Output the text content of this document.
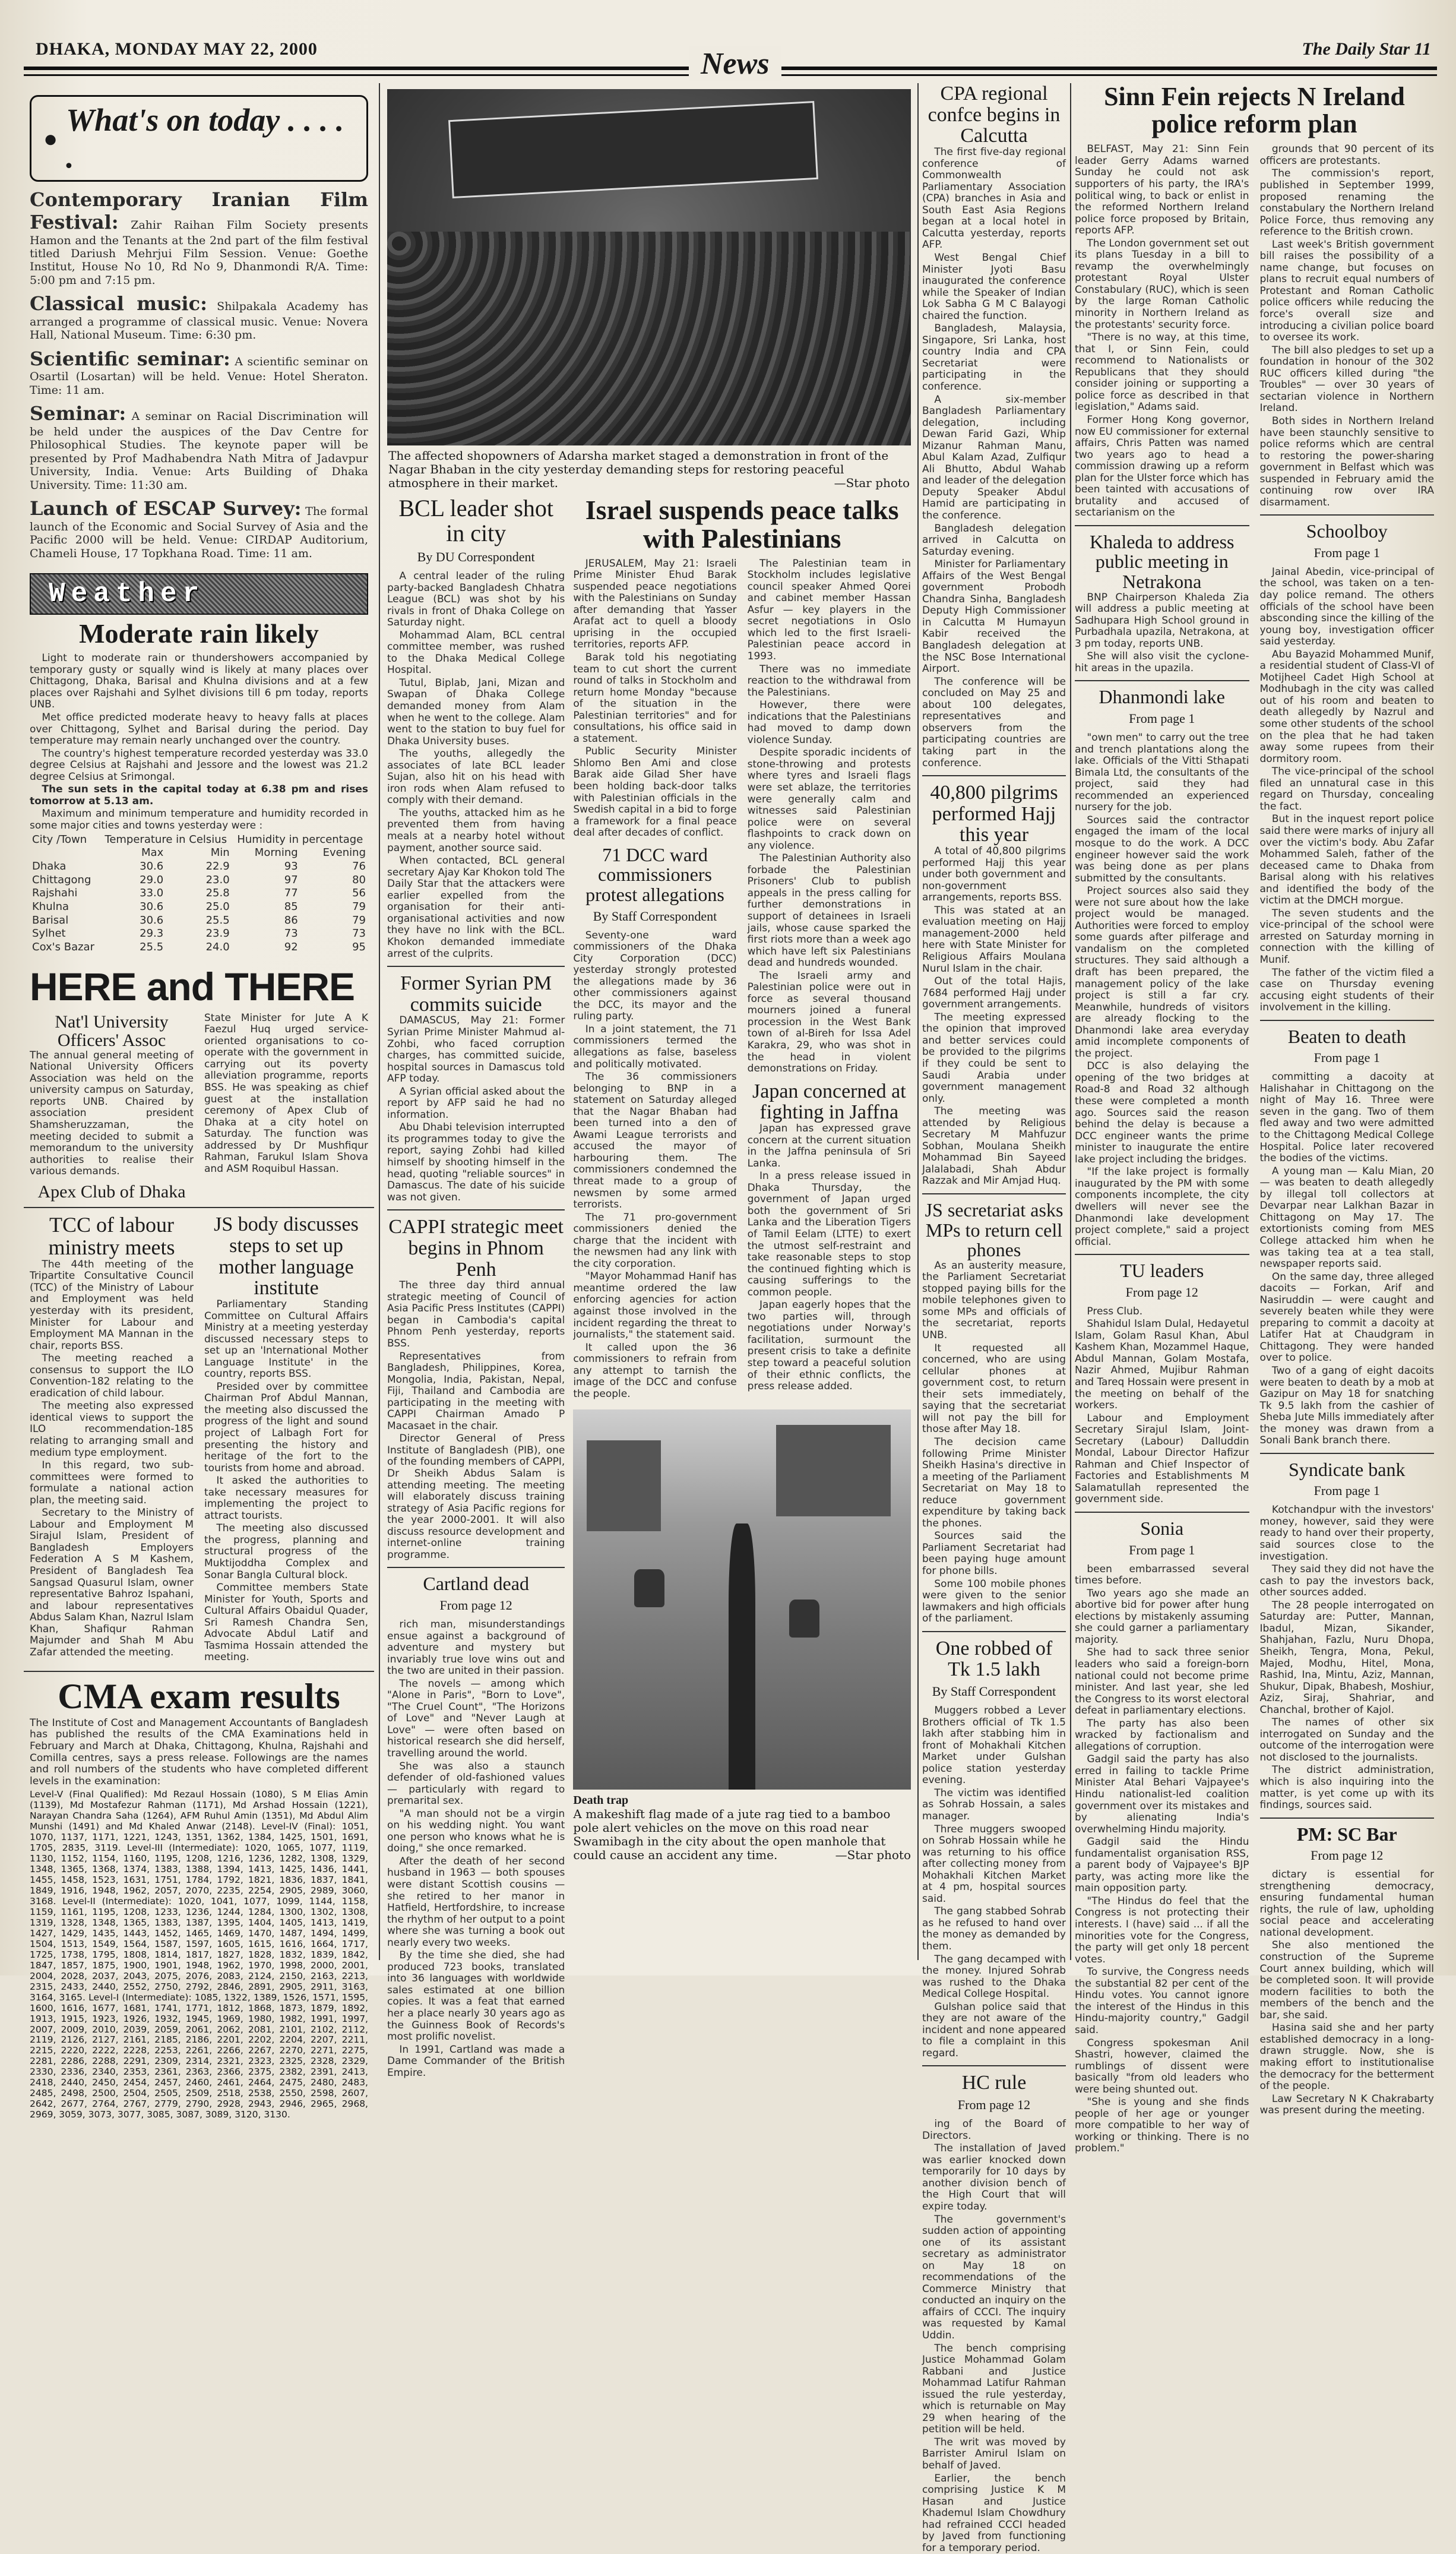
DHAKA, MONDAY MAY 22, 2000	News	The Daily Star 11
●
What's on today . . . . .
Contemporary Iranian Film Festival: Zahir Raihan Film Society presents Hamon and the Tenants at the 2nd part of the film festival titled Dariush Mehrjui Film Session. Venue: Goethe Institut, House No 10, Rd No 9, Dhanmondi R/A. Time: 5:00 pm and 7:15 pm.
Classical music: Shilpakala Academy has arranged a programme of classical music. Venue: Novera Hall, National Museum. Time: 6:30 pm.
Scientific seminar: A scientific seminar on Osartil (Losartan) will be held. Venue: Hotel Sheraton. Time: 11 am.
Seminar: A seminar on Racial Discrimination will be held under the auspices of the Dav Centre for Philosophical Studies. The keynote paper will be presented by Prof Madhabendra Nath Mitra of Jadavpur University, India. Venue: Arts Building of Dhaka University. Time: 11:30 am.
Launch of ESCAP Survey: The formal launch of the Economic and Social Survey of Asia and the Pacific 2000 will be held. Venue: CIRDAP Auditorium, Chameli House, 17 Topkhana Road. Time: 11 am.
Weather
Moderate rain likely

Light to moderate rain or thundershowers accompanied by temporary gusty or squally wind is likely at many places over Chittagong, Dhaka, Barisal and Khulna divisions and at a few places over Rajshahi and Sylhet divisions till 6 pm today, reports UNB.

Met office predicted moderate heavy to heavy falls at places over Chittagong, Sylhet and Barisal during the period. Day temperature may remain nearly unchanged over the country.

The country's highest temperature recorded yesterday was 33.0 degree Celsius at Rajshahi and Jessore and the lowest was 21.2 degree Celsius at Srimongal.

The sun sets in the capital today at 6.38 pm and rises tomorrow at 5.13 am.

Maximum and minimum temperature and humidity recorded in some major cities and towns yesterday were :

City /Town	Temperature in Celsius		Humidity in percentage	
	Max	Min	Morning	Evening
Dhaka	30.6	22.9	93	76
Chittagong	29.0	23.0	97	80
Rajshahi	33.0	25.8	77	56
Khulna	30.6	25.0	85	79
Barisal	30.6	25.5	86	79
Sylhet	29.3	23.9	73	73
Cox's Bazar	25.5	24.0	92	95
HERE and THERE
Nat'l University Officers' Assoc
The annual general meeting of National University Officers Association was held on the university campus on Saturday, reports UNB. Chaired by association president Shamsheruzzaman, the meeting decided to submit a memorandum to the university authorities to realise their various demands.
Apex Club of Dhaka
State Minister for Jute A K Faezul Huq urged service-oriented organisations to co-operate with the government in carrying out its poverty alleviation programme, reports BSS. He was speaking as chief guest at the installation ceremony of Apex Club of Dhaka at a city hotel on Saturday. The function was addressed by Dr Mushfiqur Rahman, Farukul Islam Shova and ASM Roquibul Hassan.
TCC of labour ministry meets

The 44th meeting of the Tripartite Consultative Council (TCC) of the Ministry of Labour and Employment was held yesterday with its president, Minister for Labour and Employment MA Mannan in the chair, reports BSS.

The meeting reached a consensus to support the ILO Convention-182 relating to the eradication of child labour.

The meeting also expressed identical views to support the ILO recommendation-185 relating to arranging small and medium type employment.

In this regard, two sub-committees were formed to formulate a national action plan, the meeting said.

Secretary to the Ministry of Labour and Employment M Sirajul Islam, President of Bangladesh Employers Federation A S M Kashem, President of Bangladesh Tea Sangsad Quasurul Islam, owner representative Bahroz Ispahani, and labour representatives Abdus Salam Khan, Nazrul Islam Khan, Shafiqur Rahman Majumder and Shah M Abu Zafar attended the meeting.

JS body discusses steps to set up mother language institute

Parliamentary Standing Committee on Cultural Affairs Ministry at a meeting yesterday discussed necessary steps to set up an 'International Mother Language Institute' in the country, reports BSS.

Presided over by committee Chairman Prof Abdul Mannan, the meeting also discussed the progress of the light and sound project of Lalbagh Fort for presenting the history and heritage of the fort to the tourists from home and abroad.

It asked the authorities to take necessary measures for implementing the project to attract tourists.

The meeting also discussed the progress, planning and structural progress of the Muktijoddha Complex and Sonar Bangla Cultural block.

Committee members State Minister for Youth, Sports and Cultural Affairs Obaidul Quader, Sri Ramesh Chandra Sen, Advocate Abdul Latif and Tasmima Hossain attended the meeting.

CMA exam results
The Institute of Cost and Management Accountants of Bangladesh has published the results of the CMA Examinations held in February and March at Dhaka, Chittagong, Khulna, Rajshahi and Comilla centres, says a press release. Followings are the names and roll numbers of the students who have completed different levels in the examination:
Level-V (Final Qualified): Md Rezaul Hossain (1080), S M Elias Amin (1139), Md Mostafezur Rahman (1171), Md Arshad Hossain (1221), Narayan Chandra Saha (1264), AFM Ruhul Amin (1351), Md Abdul Alim Munshi (1491) and Md Khaled Anwar (2148). Level-IV (Final): 1051, 1070, 1137, 1171, 1221, 1243, 1351, 1362, 1384, 1425, 1501, 1691, 1705, 2835, 3119. Level-III (Intermediate): 1020, 1065, 1077, 1119, 1130, 1152, 1154, 1160, 1195, 1208, 1216, 1236, 1282, 1308, 1329, 1348, 1365, 1368, 1374, 1383, 1388, 1394, 1413, 1425, 1436, 1441, 1455, 1458, 1523, 1631, 1751, 1784, 1792, 1821, 1836, 1837, 1841, 1849, 1916, 1948, 1962, 2057, 2070, 2235, 2254, 2905, 2989, 3060, 3168. Level-II (Intermediate): 1020, 1041, 1077, 1099, 1144, 1158, 1159, 1161, 1195, 1208, 1233, 1236, 1244, 1284, 1300, 1302, 1308, 1319, 1328, 1348, 1365, 1383, 1387, 1395, 1404, 1405, 1413, 1419, 1427, 1429, 1435, 1443, 1452, 1465, 1469, 1470, 1487, 1494, 1499, 1504, 1513, 1549, 1564, 1587, 1597, 1605, 1615, 1616, 1664, 1717, 1725, 1738, 1795, 1808, 1814, 1817, 1827, 1828, 1832, 1839, 1842, 1847, 1857, 1875, 1900, 1901, 1948, 1962, 1970, 1998, 2000, 2001, 2004, 2028, 2037, 2043, 2075, 2076, 2083, 2124, 2150, 2163, 2213, 2315, 2433, 2440, 2552, 2750, 2792, 2846, 2891, 2905, 2911, 3163, 3164, 3165. Level-I (Intermediate): 1085, 1322, 1389, 1526, 1571, 1595, 1600, 1616, 1677, 1681, 1741, 1771, 1812, 1868, 1873, 1879, 1892, 1913, 1915, 1923, 1926, 1932, 1945, 1969, 1980, 1982, 1991, 1997, 2007, 2009, 2010, 2039, 2059, 2061, 2062, 2081, 2101, 2102, 2112, 2119, 2126, 2127, 2161, 2185, 2186, 2201, 2202, 2204, 2207, 2211, 2215, 2220, 2222, 2228, 2253, 2261, 2266, 2267, 2270, 2271, 2275, 2281, 2286, 2288, 2291, 2309, 2314, 2321, 2323, 2325, 2328, 2329, 2330, 2336, 2340, 2353, 2361, 2363, 2366, 2375, 2382, 2391, 2413, 2418, 2440, 2450, 2454, 2457, 2460, 2461, 2464, 2475, 2480, 2483, 2485, 2498, 2500, 2504, 2505, 2509, 2518, 2538, 2550, 2598, 2607, 2642, 2677, 2764, 2767, 2779, 2790, 2928, 2943, 2946, 2965, 2968, 2969, 3059, 3073, 3077, 3085, 3087, 3089, 3120, 3130.
The affected shopowners of Adarsha market staged a demonstration in front of the Nagar Bhaban in the city yesterday demanding steps for restoring peaceful atmosphere in their market.	—Star photo
BCL leader shot in city
By DU Correspondent

A central leader of the ruling party-backed Bangladesh Chhatra League (BCL) was shot by his rivals in front of Dhaka College on Saturday night.

Mohammad Alam, BCL central committee member, was rushed to the Dhaka Medical College Hospital.

Tutul, Biplab, Jani, Mizan and Swapan of Dhaka College demanded money from Alam when he went to the college. Alam went to the station to buy fuel for Dhaka University buses.

The youths, allegedly the associates of late BCL leader Sujan, also hit on his head with iron rods when Alam refused to comply with their demand.

The youths, attacked him as he prevented them from having meals at a nearby hotel without payment, another source said.

When contacted, BCL general secretary Ajay Kar Khokon told The Daily Star that the attackers were earlier expelled from the organisation for their anti-organisational activities and now they have no link with the BCL. Khokon demanded immediate arrest of the culprits.

Former Syrian PM commits suicide

DAMASCUS, May 21: Former Syrian Prime Minister Mahmud al-Zohbi, who faced corruption charges, has committed suicide, hospital sources in Damascus told AFP today.

A Syrian official asked about the report by AFP said he had no information.

Abu Dhabi television interrupted its programmes today to give the report, saying Zohbi had killed himself by shooting himself in the head, quoting "reliable sources" in Damascus. The date of his suicide was not given.

CAPPI strategic meet begins in Phnom Penh

The three day third annual strategic meeting of Council of Asia Pacific Press Institutes (CAPPI) began in Cambodia's capital Phnom Penh yesterday, reports BSS.

Representatives from Bangladesh, Philippines, Korea, Mongolia, India, Pakistan, Nepal, Fiji, Thailand and Cambodia are participating in the meeting with CAPPI Chairman Amado P Macasaet in the chair.

Director General of Press Institute of Bangladesh (PIB), one of the founding members of CAPPI, Dr Sheikh Abdus Salam is attending meeting. The meeting will elaborately discuss training strategy of Asia Pacific regions for the year 2000-2001. It will also discuss resource development and internet-online training programme.

Cartland dead
From page 12

rich man, misunderstandings ensue against a background of adventure and mystery but invariably true love wins out and the two are united in their passion.

The novels — among which "Alone in Paris", "Born to Love", "The Cruel Count", "The Horizons of Love" and "Never Laugh at Love" — were often based on historical research she did herself, travelling around the world.

She was also a staunch defender of old-fashioned values — particularly with regard to premarital sex.

"A man should not be a virgin on his wedding night. You want one person who knows what he is doing," she once remarked.

After the death of her second husband in 1963 — both spouses were distant Scottish cousins — she retired to her manor in Hatfield, Hertfordshire, to increase the rhythm of her output to a point where she was turning a book out nearly every two weeks.

By the time she died, she had produced 723 books, translated into 36 languages with worldwide sales estimated at one billion copies. It was a feat that earned her a place nearly 30 years ago as the Guinness Book of Records's most prolific novelist.

In 1991, Cartland was made a Dame Commander of the British Empire.

Israel suspends peace talks with Palestinians

JERUSALEM, May 21: Israeli Prime Minister Ehud Barak suspended peace negotiations with the Palestinians on Sunday after demanding that Yasser Arafat act to quell a bloody uprising in the occupied territories, reports AFP.

Barak told his negotiating team to cut short the current round of talks in Stockholm and return home Monday "because of the situation in the Palestinian territories" and for consultations, his office said in a statement.

Public Security Minister Shlomo Ben Ami and close Barak aide Gilad Sher have been holding back-door talks with Palestinian officials in the Swedish capital in a bid to forge a framework for a final peace deal after decades of conflict.

71 DCC ward commissioners protest allegations
By Staff Correspondent

Seventy-one ward commissioners of the Dhaka City Corporation (DCC) yesterday strongly protested the allegations made by 36 other commissioners against the DCC, its mayor and the ruling party.

In a joint statement, the 71 commissioners termed the allegations as false, baseless and politically motivated.

The 36 commissioners belonging to BNP in a statement on Saturday alleged that the Nagar Bhaban had been turned into a den of Awami League terrorists and accused the mayor of harbouring them. The commissioners condemned the threat made to a group of newsmen by some armed terrorists.

The 71 pro-government commissioners denied the charge that the incident with the newsmen had any link with the city corporation.

"Mayor Mohammad Hanif has meantime ordered the law enforcing agencies for action against those involved in the incident regarding the threat to journalists," the statement said.

It called upon the 36 commissioners to refrain from any attempt to tarnish the image of the DCC and confuse the people.

The Palestinian team in Stockholm includes legislative council speaker Ahmed Qorei and cabinet member Hassan Asfur — key players in the secret negotiations in Oslo which led to the first Israeli-Palestinian peace accord in 1993.

There was no immediate reaction to the withdrawal from the Palestinians.

However, there were indications that the Palestinians had moved to damp down violence Sunday.

Despite sporadic incidents of stone-throwing and protests where tyres and Israeli flags were set ablaze, the territories were generally calm and witnesses said Palestinian police were on several flashpoints to crack down on any violence.

The Palestinian Authority also forbade the Palestinian Prisoners' Club to publish appeals in the press calling for further demonstrations in support of detainees in Israeli jails, whose cause sparked the first riots more than a week ago which have left six Palestinians dead and hundreds wounded.

The Israeli army and Palestinian police were out in force as several thousand mourners joined a funeral procession in the West Bank town of al-Bireh for Issa Adel Karakra, 29, who was shot in the head in violent demonstrations on Friday.

Japan concerned at fighting in Jaffna

Japan has expressed grave concern at the current situation in the Jaffna peninsula of Sri Lanka.

In a press release issued in Dhaka Thursday, the government of Japan urged both the government of Sri Lanka and the Liberation Tigers of Tamil Eelam (LTTE) to exert the utmost self-restraint and take reasonable steps to stop the continued fighting which is causing sufferings to the common people.

Japan eagerly hopes that the two parties will, through negotiations under Norway's facilitation, surmount the present crisis to take a definite step toward a peaceful solution of their ethnic conflicts, the press release added.

Death trap
A makeshift flag made of a jute rag tied to a bamboo pole alert vehicles on the move on this road near Swamibagh in the city about the open manhole that could cause an accident any time.	—Star photo
CPA regional confce begins in Calcutta

The first five-day regional conference of Commonwealth Parliamentary Association (CPA) branches in Asia and South East Asia Regions began at a local hotel in Calcutta yesterday, reports AFP.

West Bengal Chief Minister Jyoti Basu inaugurated the conference while the Speaker of Indian Lok Sabha G M C Balayogi chaired the function.

Bangladesh, Malaysia, Singapore, Sri Lanka, host country India and CPA Secretariat were participating in the conference.

A six-member Bangladesh Parliamentary delegation, including Dewan Farid Gazi, Whip Mizanur Rahman Manu, Abul Kalam Azad, Zulfiqur Ali Bhutto, Abdul Wahab and leader of the delegation Deputy Speaker Abdul Hamid are participating in the conference.

Bangladesh delegation arrived in Calcutta on Saturday evening.

Minister for Parliamentary Affairs of the West Bengal government Probodh Chandra Sinha, Bangladesh Deputy High Commissioner in Calcutta M Humayun Kabir received the Bangladesh delegation at the NSC Bose International Airport.

The conference will be concluded on May 25 and about 100 delegates, representatives and observers from the participating countries are taking part in the conference.

40,800 pilgrims performed Hajj this year

A total of 40,800 pilgrims performed Hajj this year under both government and non-government arrangements, reports BSS.

This was stated at an evaluation meeting on Hajj management-2000 held here with State Minister for Religious Affairs Moulana Nurul Islam in the chair.

Out of the total Hajis, 7684 performed Hajj under government arrangements.

The meeting expressed the opinion that improved and better services could be provided to the pilgrims if they could be sent to Saudi Arabia under government management only.

The meeting was attended by Religious Secretary M Mahfuzur Sobhan, Moulana Sheikh Mohammad Bin Sayeed Jalalabadi, Shah Abdur Razzak and Mir Amjad Huq.

JS secretariat asks MPs to return cell phones

As an austerity measure, the Parliament Secretariat stopped paying bills for the mobile telephones given to some MPs and officials of the secretariat, reports UNB.

It requested all concerned, who are using cellular phones at government cost, to return their sets immediately, saying that the secretariat will not pay the bill for those after May 18.

The decision came following Prime Minister Sheikh Hasina's directive in a meeting of the Parliament Secretariat on May 18 to reduce government expenditure by taking back the phones.

Sources said the Parliament Secretariat had been paying huge amount for phone bills.

Some 100 mobile phones were given to the senior lawmakers and high officials of the parliament.

One robbed of Tk 1.5 lakh
By Staff Correspondent

Muggers robbed a Lever Brothers official of Tk 1.5 lakh after stabbing him in front of Mohakhali Kitchen Market under Gulshan police station yesterday evening.

The victim was identified as Sohrab Hossain, a sales manager.

Three muggers swooped on Sohrab Hossain while he was returning to his office after collecting money from Mohakhali Kitchen Market at 4 pm, hospital sources said.

The gang stabbed Sohrab as he refused to hand over the money as demanded by them.

The gang decamped with the money. Injured Sohrab was rushed to the Dhaka Medical College Hospital.

Gulshan police said that they are not aware of the incident and none appeared to file a complaint in this regard.

HC rule
From page 12

ing of the Board of Directors.

The installation of Javed was earlier knocked down temporarily for 10 days by another division bench of the High Court that will expire today.

The government's sudden action of appointing one of its assistant secretary as administrator on May 18 on recommendations of the Commerce Ministry that conducted an inquiry on the affairs of CCCI. The inquiry was requested by Kamal Uddin.

The bench comprising Justice Mohammad Golam Rabbani and Justice Mohammad Latifur Rahman issued the rule yesterday, which is returnable on May 29 when hearing of the petition will be held.

The writ was moved by Barrister Amirul Islam on behalf of Javed.

Earlier, the bench comprising Justice K M Hasan and Justice Khademul Islam Chowdhury had refrained CCCI headed by Javed from functioning for a temporary period.

Sinn Fein rejects N Ireland police reform plan

BELFAST, May 21: Sinn Fein leader Gerry Adams warned Sunday he could not ask supporters of his party, the IRA's political wing, to back or enlist in the reformed Northern Ireland police force proposed by Britain, reports AFP.

The London government set out its plans Tuesday in a bill to revamp the overwhelmingly protestant Royal Ulster Constabulary (RUC), which is seen by the large Roman Catholic minority in Northern Ireland as the protestants' security force.

"There is no way, at this time, that I, or Sinn Fein, could recommend to Nationalists or Republicans that they should consider joining or supporting a police force as described in that legislation," Adams said.

Former Hong Kong governor, now EU commissioner for external affairs, Chris Patten was named two years ago to head a commission drawing up a reform plan for the Ulster force which has been tainted with accusations of brutality and accused of sectarianism on the

Khaleda to address public meeting in Netrakona

BNP Chairperson Khaleda Zia will address a public meeting at Sadhupara High School ground in Purbadhala upazila, Netrakona, at 3 pm today, reports UNB.

She will also visit the cyclone-hit areas in the upazila.

Dhanmondi lake
From page 1

"own men" to carry out the tree and trench plantations along the lake. Officials of the Vitti Sthapati Bimala Ltd, the consultants of the project, said they had recommended an experienced nursery for the job.

Sources said the contractor engaged the imam of the local mosque to do the work. A DCC engineer however said the work was being done as per plans submitted by the consultants.

Project sources also said they were not sure about how the lake project would be managed. Authorities were forced to employ some guards after pilferage and vandalism on the completed structures. They said although a draft has been prepared, the management policy of the lake project is still a far cry. Meanwhile, hundreds of visitors are already flocking to the Dhanmondi lake area everyday amid incomplete components of the project.

DCC is also delaying the opening of the two bridges at Road-8 and Road 32 although these were completed a month ago. Sources said the reason behind the delay is because a DCC engineer wants the prime minister to inaugurate the entire lake project including the bridges.

"If the lake project is formally inaugurated by the PM with some components incomplete, the city dwellers will never see the Dhanmondi lake development project complete," said a project official.

TU leaders
From page 12

Press Club.

Shahidul Islam Dulal, Hedayetul Islam, Golam Rasul Khan, Abul Kashem Khan, Mozammel Haque, Abdul Mannan, Golam Mostafa, Nazir Ahmed, Mujibur Rahman and Tareq Hossain were present in the meeting on behalf of the workers.

Labour and Employment Secretary Sirajul Islam, Joint-Secretary (Labour) Dalluddin Mondal, Labour Director Hafizur Rahman and Chief Inspector of Factories and Establishments M Salamatullah represented the government side.

Sonia
From page 1

been embarrassed several times before.

Two years ago she made an abortive bid for power after hung elections by mistakenly assuming she could garner a parliamentary majority.

She had to sack three senior leaders who said a foreign-born national could not become prime minister. And last year, she led the Congress to its worst electoral defeat in parliamentary elections.

The party has also been wracked by factionalism and allegations of corruption.

Gadgil said the party has also erred in failing to tackle Prime Minister Atal Behari Vajpayee's Hindu nationalist-led coalition government over its mistakes and by alienating India's overwhelming Hindu majority.

Gadgil said the Hindu fundamentalist organisation RSS, a parent body of Vajpayee's BJP party, was acting more like the main opposition party.

"The Hindus do feel that the Congress is not protecting their interests. I (have) said ... if all the minorities vote for the Congress, the party will get only 18 percent votes.

To survive, the Congress needs the substantial 82 per cent of the Hindu votes. You cannot ignore the interest of the Hindus in this Hindu-majority country," Gadgil said.

Congress spokesman Anil Shastri, however, claimed the rumblings of dissent were basically "from old leaders who were being shunted out.

"She is young and she finds people of her age or younger more compatible to her way of working or thinking. There is no problem."

grounds that 90 percent of its officers are protestants.

The commission's report, published in September 1999, proposed renaming the constabulary the Northern Ireland Police Force, thus removing any reference to the British crown.

Last week's British government bill raises the possibility of a name change, but focuses on plans to recruit equal numbers of Protestant and Roman Catholic police officers while reducing the force's overall size and introducing a civilian police board to oversee its work.

The bill also pledges to set up a foundation in honour of the 302 RUC officers killed during "the Troubles" — over 30 years of sectarian violence in Northern Ireland.

Both sides in Northern Ireland have been staunchly sensitive to police reforms which are central to restoring the power-sharing government in Belfast which was suspended in February amid the continuing row over IRA disarmament.

Schoolboy
From page 1

Jainal Abedin, vice-principal of the school, was taken on a ten-day police remand. The others officials of the school have been absconding since the killing of the young boy, investigation officer said yesterday.

Abu Bayazid Mohammed Munif, a residential student of Class-VI of Motijheel Cadet High School at Modhubagh in the city was called out of his room and beaten to death allegedly by Nazrul and some other students of the school on the plea that he had taken away some rupees from their dormitory room.

The vice-principal of the school filed an unnatural case in this regard on Thursday, concealing the fact.

But in the inquest report police said there were marks of injury all over the victim's body. Abu Zafar Mohammed Saleh, father of the deceased came to Dhaka from Barisal along with his relatives and identified the body of the victim at the DMCH morgue.

The seven students and the vice-principal of the school were arrested on Saturday morning in connection with the killing of Munif.

The father of the victim filed a case on Thursday evening accusing eight students of their involvement in the killing.

Beaten to death
From page 1

committing a dacoity at Halishahar in Chittagong on the night of May 16. Three were seven in the gang. Two of them fled away and two were admitted to the Chittagong Medical College Hospital. Police later recovered the bodies of the victims.

A young man — Kalu Mian, 20 — was beaten to death allegedly by illegal toll collectors at Devarpar near Lalkhan Bazar in Chittagong on May 17. The extortionists coming from MES College attacked him when he was taking tea at a tea stall, newspaper reports said.

On the same day, three alleged dacoits — Forkan, Arif and Nasiruddin — were caught and severely beaten while they were preparing to commit a dacoity at Latifer Hat at Chaudgram in Chittagong. They were handed over to police.

Two of a gang of eight dacoits were beaten to death by a mob at Gazipur on May 18 for snatching Tk 9.5 lakh from the cashier of Sheba Jute Mills immediately after the money was drawn from a Sonali Bank branch there.

Syndicate bank
From page 1

Kotchandpur with the investors' money, however, said they were ready to hand over their property, said sources close to the investigation.

They said they did not have the cash to pay the investors back, other sources added.

The 28 people interrogated on Saturday are: Putter, Mannan, Ibadul, Mizan, Sikander, Shahjahan, Fazlu, Nuru Dhopa, Sheikh, Tengra, Mona, Pekul, Majed, Modhu, Hitel, Mona, Rashid, Ina, Mintu, Aziz, Mannan, Shukur, Dipak, Bhabesh, Moshiur, Aziz, Siraj, Shahriar, and Chanchal, brother of Kajol.

The names of other six interrogated on Sunday and the outcome of the interrogation were not disclosed to the journalists.

The district administration, which is also inquiring into the matter, is yet come up with its findings, sources said.

PM: SC Bar
From page 12

dictary is essential for strengthening democracy, ensuring fundamental human rights, the rule of law, upholding social peace and accelerating national development.

She also mentioned the construction of the Supreme Court annex building, which will be completed soon. It will provide modern facilities to both the members of the bench and the bar, she said.

Hasina said she and her party established democracy in a long-drawn struggle. Now, she is making effort to institutionalise the democracy for the betterment of the people.

Law Secretary N K Chakrabarty was present during the meeting.
